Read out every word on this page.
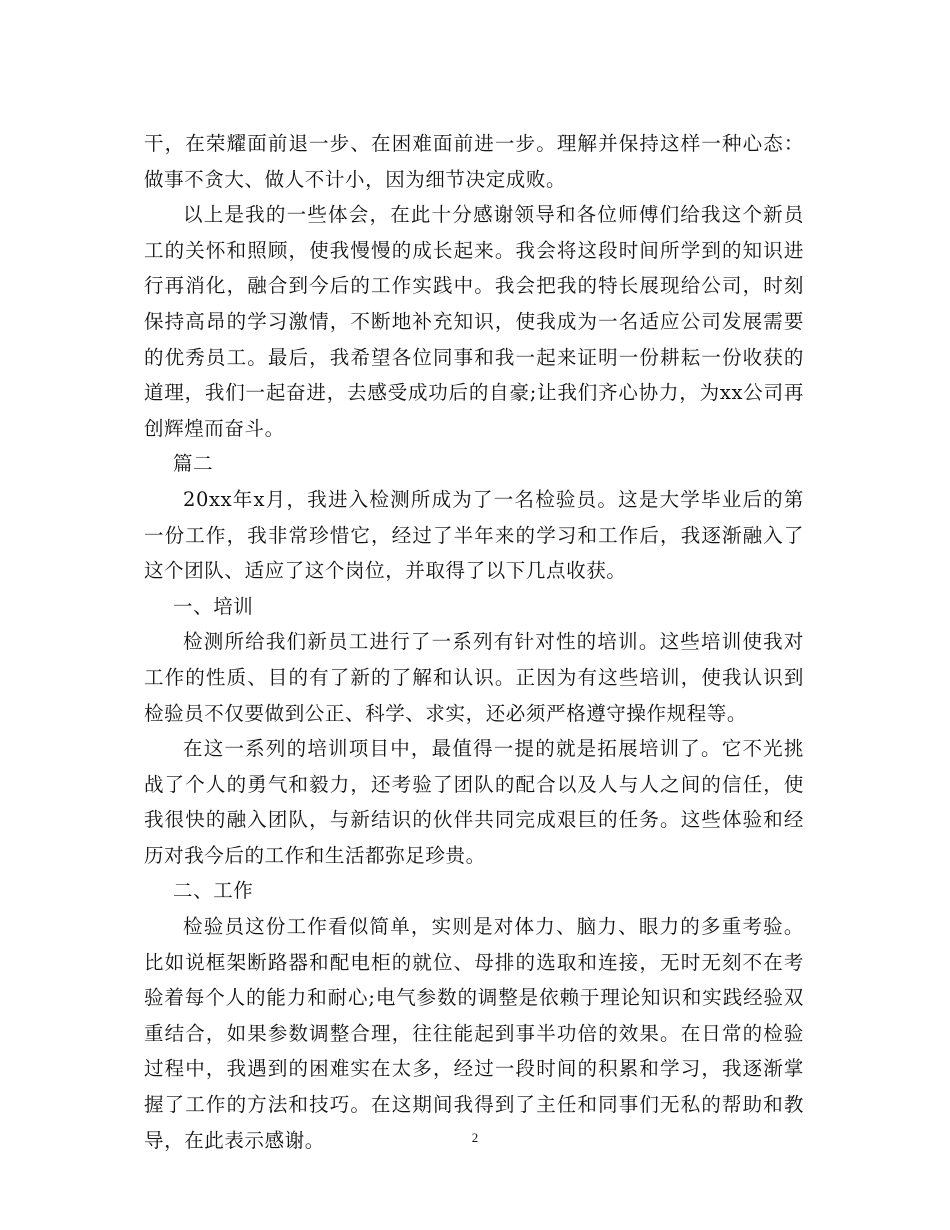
干，在荣耀面前退一步、在困难面前进一步。理解并保持这样一种心态：做事不贪大、做人不计小，因为细节决定成败。

以上是我的一些体会，在此十分感谢领导和各位师傅们给我这个新员工的关怀和照顾，使我慢慢的成长起来。我会将这段时间所学到的知识进行再消化，融合到今后的工作实践中。我会把我的特长展现给公司，时刻保持高昂的学习激情，不断地补充知识，使我成为一名适应公司发展需要的优秀员工。最后，我希望各位同事和我一起来证明一份耕耘一份收获的道理，我们一起奋进，去感受成功后的自豪;让我们齐心协力，为xx公司再创辉煌而奋斗。

篇二

20xx年x月，我进入检测所成为了一名检验员。这是大学毕业后的第一份工作，我非常珍惜它，经过了半年来的学习和工作后，我逐渐融入了这个团队、适应了这个岗位，并取得了以下几点收获。

一、培训

检测所给我们新员工进行了一系列有针对性的培训。这些培训使我对工作的性质、目的有了新的了解和认识。正因为有这些培训，使我认识到检验员不仅要做到公正、科学、求实，还必须严格遵守操作规程等。

在这一系列的培训项目中，最值得一提的就是拓展培训了。它不光挑战了个人的勇气和毅力，还考验了团队的配合以及人与人之间的信任，使我很快的融入团队，与新结识的伙伴共同完成艰巨的任务。这些体验和经历对我今后的工作和生活都弥足珍贵。

二、工作

检验员这份工作看似简单，实则是对体力、脑力、眼力的多重考验。比如说框架断路器和配电柜的就位、母排的选取和连接，无时无刻不在考验着每个人的能力和耐心;电气参数的调整是依赖于理论知识和实践经验双重结合，如果参数调整合理，往往能起到事半功倍的效果。在日常的检验过程中，我遇到的困难实在太多，经过一段时间的积累和学习，我逐渐掌握了工作的方法和技巧。在这期间我得到了主任和同事们无私的帮助和教导，在此表示感谢。	2
